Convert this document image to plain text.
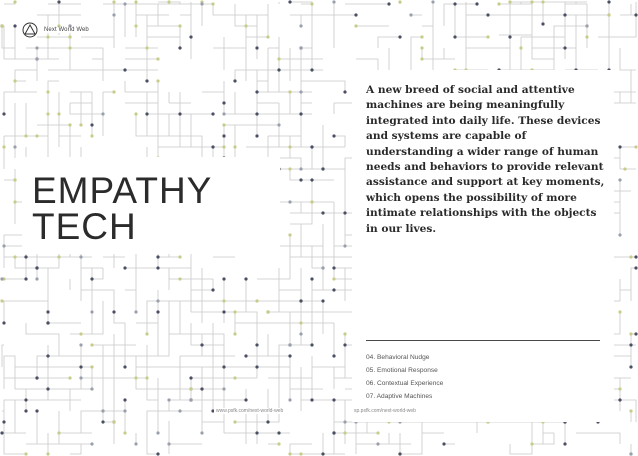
Next World Web
EMPATHY
TECH

A new breed of social and attentive machines are being meaningfully integrated into daily life. These devices and systems are capable of understanding a wider range of human needs and behaviors to provide relevant assistance and support at key moments, which opens the possibility of more intimate relationships with the objects in our lives.

04. Behavioral Nudge
05. Emotional Response
06. Contextual Experience
07. Adaptive Machines
www.psfk.com/next-world-web	sp.psfk.com/next-world-web
